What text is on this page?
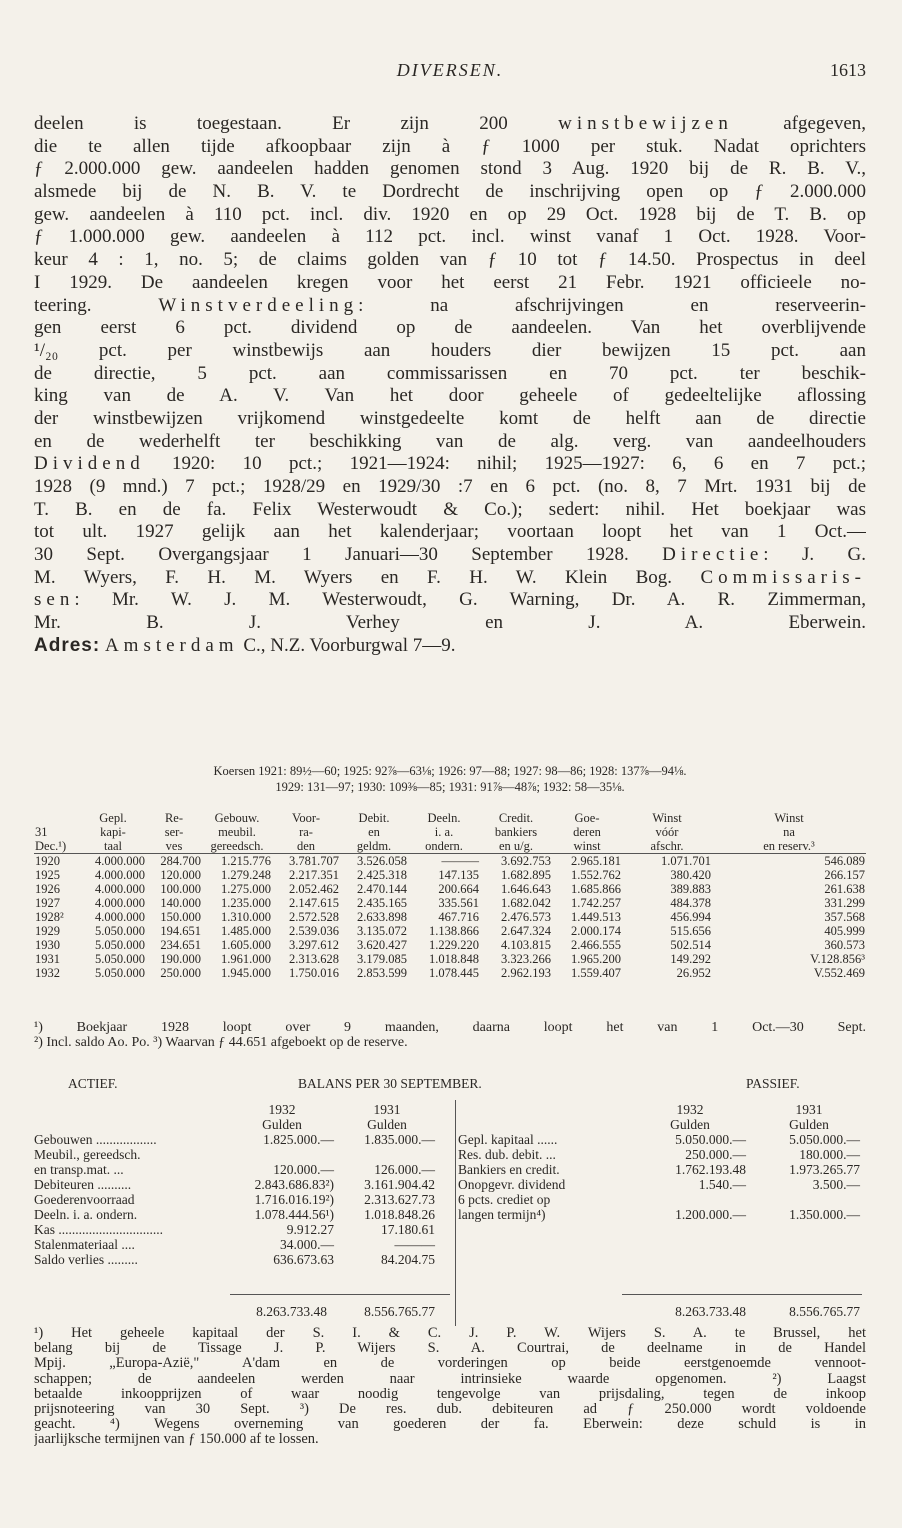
DIVERSEN.	1613
deelen is toegestaan. Er zijn 200 winstbewijzen afgegeven,
die te allen tijde afkoopbaar zijn à ƒ 1000 per stuk. Nadat oprichters
ƒ 2.000.000 gew. aandeelen hadden genomen stond 3 Aug. 1920 bij de R. B. V.,
alsmede bij de N. B. V. te Dordrecht de inschrijving open op ƒ 2.000.000
gew. aandeelen à 110 pct. incl. div. 1920 en op 29 Oct. 1928 bij de T. B. op
ƒ 1.000.000 gew. aandeelen à 112 pct. incl. winst vanaf 1 Oct. 1928. Voor-
keur 4 : 1, no. 5; de claims golden van ƒ 10 tot ƒ 14.50. Prospectus in deel
I 1929. De aandeelen kregen voor het eerst 21 Febr. 1921 officieele no-
teering. Winstverdeeling: na afschrijvingen en reserveerin-
gen eerst 6 pct. dividend op de aandeelen. Van het overblijvende
¹/₂₀ pct. per winstbewijs aan houders dier bewijzen 15 pct. aan
de directie, 5 pct. aan commissarissen en 70 pct. ter beschik-
king van de A. V. Van het door geheele of gedeeltelijke aflossing
der winstbewijzen vrijkomend winstgedeelte komt de helft aan de directie
en de wederhelft ter beschikking van de alg. verg. van aandeelhouders
Dividend 1920: 10 pct.; 1921—1924: nihil; 1925—1927: 6, 6 en 7 pct.;
1928 (9 mnd.) 7 pct.; 1928/29 en 1929/30 :7 en 6 pct. (no. 8, 7 Mrt. 1931 bij de
T. B. en de fa. Felix Westerwoudt & Co.); sedert: nihil. Het boekjaar was
tot ult. 1927 gelijk aan het kalenderjaar; voortaan loopt het van 1 Oct.—
30 Sept. Overgangsjaar 1 Januari—30 September 1928. Directie: J. G.
M. Wyers, F. H. M. Wyers en F. H. W. Klein Bog. Commissaris-
sen: Mr. W. J. M. Westerwoudt, G. Warning, Dr. A. R. Zimmerman,
Mr. B. J. Verhey en J. A. Eberwein.
Adres: Amsterdam C., N.Z. Voorburgwal 7—9.
Koersen 1921: 89½—60; 1925: 92⅞—63⅛; 1926: 97—88; 1927: 98—86; 1928: 137⅞—94⅛.
1929: 131—97; 1930: 109⅜—85; 1931: 91⅞—48⅞; 1932: 58—35⅛.
	Gepl.	Re-	Gebouw.	Voor-	Debit.	Deeln.	Credit.	Goe-	Winst	Winst
31	kapi-	ser-	meubil.	ra-	en	i. a.	bankiers	deren	vóór	na
Dec.¹)	taal	ves	gereedsch.	den	geldm.	ondern.	en u/g.	winst	afschr.	en reserv.³
1920	4.000.000	284.700	1.215.776	3.781.707	3.526.058	———	3.692.753	2.965.181	1.071.701	546.089
1925	4.000.000	120.000	1.279.248	2.217.351	2.425.318	147.135	1.682.895	1.552.762	380.420	266.157
1926	4.000.000	100.000	1.275.000	2.052.462	2.470.144	200.664	1.646.643	1.685.866	389.883	261.638
1927	4.000.000	140.000	1.235.000	2.147.615	2.435.165	335.561	1.682.042	1.742.257	484.378	331.299
1928²	4.000.000	150.000	1.310.000	2.572.528	2.633.898	467.716	2.476.573	1.449.513	456.994	357.568
1929	5.050.000	194.651	1.485.000	2.539.036	3.135.072	1.138.866	2.647.324	2.000.174	515.656	405.999
1930	5.050.000	234.651	1.605.000	3.297.612	3.620.427	1.229.220	4.103.815	2.466.555	502.514	360.573
1931	5.050.000	190.000	1.961.000	2.313.628	3.179.085	1.018.848	3.323.266	1.965.200	149.292	V.128.856³
1932	5.050.000	250.000	1.945.000	1.750.016	2.853.599	1.078.445	2.962.193	1.559.407	26.952	V.552.469
¹) Boekjaar 1928 loopt over 9 maanden, daarna loopt het van 1 Oct.—30 Sept.
²) Incl. saldo Ao. Po. ³) Waarvan ƒ 44.651 afgeboekt op de reserve.
ACTIEF.	BALANS PER 30 SEPTEMBER.	PASSIEF.
1932	1931
Gulden	Gulden
Gebouwen ..................	1.825.000.—	1.835.000.—
Meubil., gereedsch.
en transp.mat. ...	120.000.—	126.000.—
Debiteuren ..........	2.843.686.83²)	3.161.904.42
Goederenvoorraad	1.716.016.19²)	2.313.627.73
Deeln. i. a. ondern.	1.078.444.56¹)	1.018.848.26
Kas ...............................	9.912.27	17.180.61
Stalenmateriaal ....	34.000.—	———
Saldo verlies .........	636.673.63	84.204.75
1932	1931
Gulden	Gulden
Gepl. kapitaal ......	5.050.000.—	5.050.000.—
Res. dub. debit. ...	250.000.—	180.000.—
Bankiers en credit.	1.762.193.48	1.973.265.77
Onopgevr. dividend	1.540.—	3.500.—
6 pcts. crediet op
langen termijn⁴)	1.200.000.—	1.350.000.—
8.263.733.48	8.556.765.77	8.263.733.48	8.556.765.77
¹) Het geheele kapitaal der S. I. & C. J. P. W. Wijers S. A. te Brussel, het
belang bij de Tissage J. P. Wijers S. A. Courtrai, de deelname in de Handel
Mpij. „Europa-Azië," A'dam en de vorderingen op beide eerstgenoemde vennoot-
schappen; de aandeelen werden naar intrinsieke waarde opgenomen. ²) Laagst
betaalde inkoopprijzen of waar noodig tengevolge van prijsdaling, tegen de inkoop
prijsnoteering van 30 Sept. ³) De res. dub. debiteuren ad ƒ 250.000 wordt voldoende
geacht. ⁴) Wegens overneming van goederen der fa. Eberwein: deze schuld is in
jaarlijksche termijnen van ƒ 150.000 af te lossen.
